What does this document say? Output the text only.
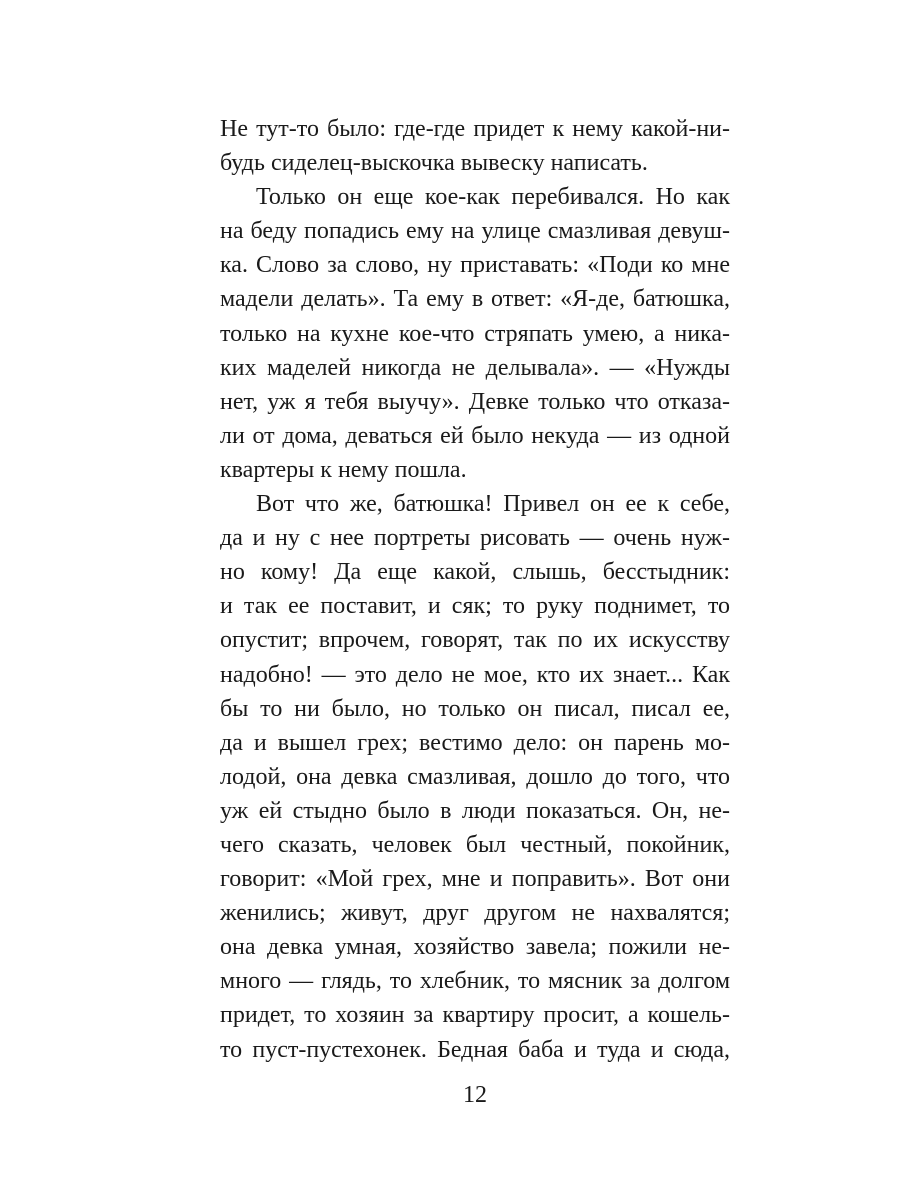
Не тут-то было: где-где придет к нему какой-ни-
будь сиделец-выскочка вывеску написать.
Только он еще кое-как перебивался. Но как
на беду попадись ему на улице смазливая девуш-
ка. Слово за слово, ну приставать: «Поди ко мне
мадели делать». Та ему в ответ: «Я-де, батюшка,
только на кухне кое-что стряпать умею, а ника-
ких маделей никогда не делывала». — «Нужды
нет, уж я тебя выучу». Девке только что отказа-
ли от дома, деваться ей было некуда — из одной
квартеры к нему пошла.
Вот что же, батюшка! Привел он ее к себе,
да и ну с нее портреты рисовать — очень нуж-
но кому! Да еще какой, слышь, бесстыдник:
и так ее поставит, и сяк; то руку поднимет, то
опустит; впрочем, говорят, так по их искусству
надобно! — это дело не мое, кто их знает... Как
бы то ни было, но только он писал, писал ее,
да и вышел грех; вестимо дело: он парень мо-
лодой, она девка смазливая, дошло до того, что
уж ей стыдно было в люди показаться. Он, не-
чего сказать, человек был честный, покойник,
говорит: «Мой грех, мне и поправить». Вот они
женились; живут, друг другом не нахвалятся;
она девка умная, хозяйство завела; пожили не-
много — глядь, то хлебник, то мясник за долгом
придет, то хозяин за квартиру просит, а кошель-
то пуст-пустехонек. Бедная баба и туда и сюда,
12
